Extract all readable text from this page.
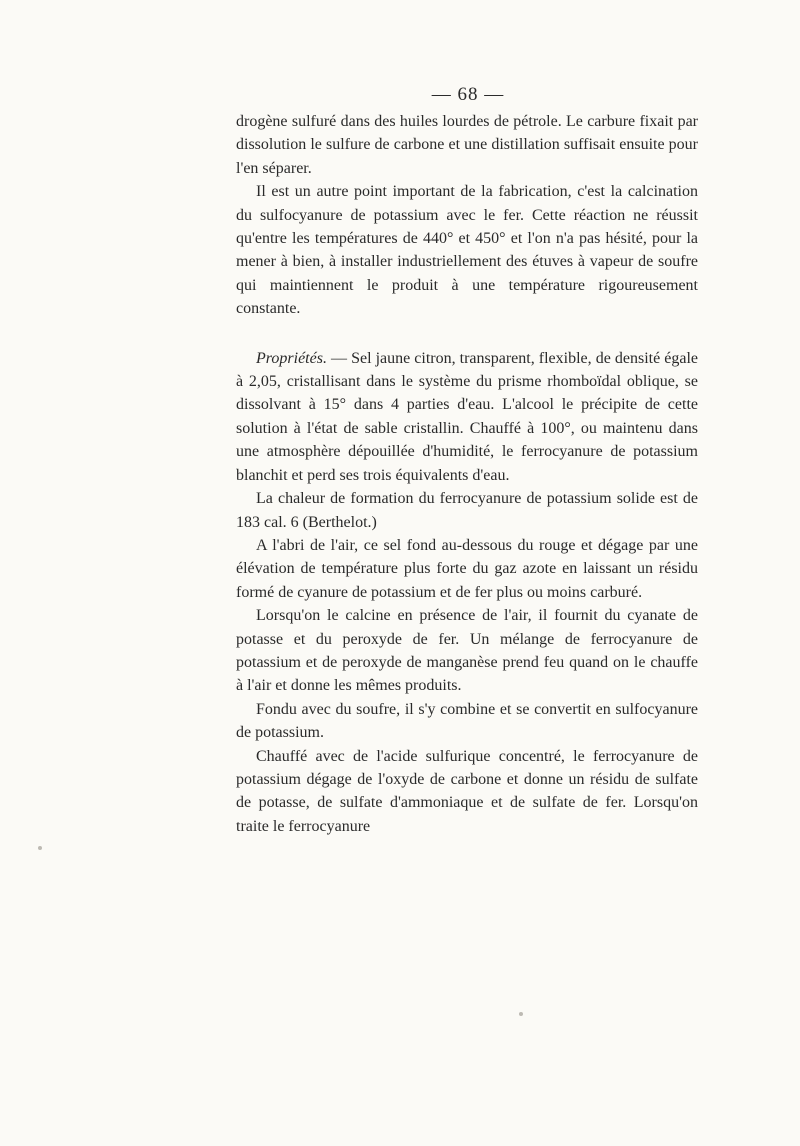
— 68 —

drogène sulfuré dans des huiles lourdes de pétrole. Le carbure fixait par dissolution le sulfure de carbone et une distillation suffisait ensuite pour l'en séparer.

Il est un autre point important de la fabrication, c'est la calcination du sulfocyanure de potassium avec le fer. Cette réaction ne réussit qu'entre les températures de 440° et 450° et l'on n'a pas hésité, pour la mener à bien, à installer industriellement des étuves à vapeur de soufre qui maintiennent le produit à une température rigoureusement constante.

Propriétés. — Sel jaune citron, transparent, flexible, de densité égale à 2,05, cristallisant dans le système du prisme rhomboïdal oblique, se dissolvant à 15° dans 4 parties d'eau. L'alcool le précipite de cette solution à l'état de sable cristallin. Chauffé à 100°, ou maintenu dans une atmosphère dépouillée d'humidité, le ferrocyanure de potassium blanchit et perd ses trois équivalents d'eau.

La chaleur de formation du ferrocyanure de potassium solide est de 183 cal. 6 (Berthelot.)

A l'abri de l'air, ce sel fond au-dessous du rouge et dégage par une élévation de température plus forte du gaz azote en laissant un résidu formé de cyanure de potassium et de fer plus ou moins carburé.

Lorsqu'on le calcine en présence de l'air, il fournit du cyanate de potasse et du peroxyde de fer. Un mélange de ferrocyanure de potassium et de peroxyde de manganèse prend feu quand on le chauffe à l'air et donne les mêmes produits.

Fondu avec du soufre, il s'y combine et se convertit en sulfocyanure de potassium.

Chauffé avec de l'acide sulfurique concentré, le ferrocyanure de potassium dégage de l'oxyde de carbone et donne un résidu de sulfate de potasse, de sulfate d'ammoniaque et de sulfate de fer. Lorsqu'on traite le ferrocyanure
